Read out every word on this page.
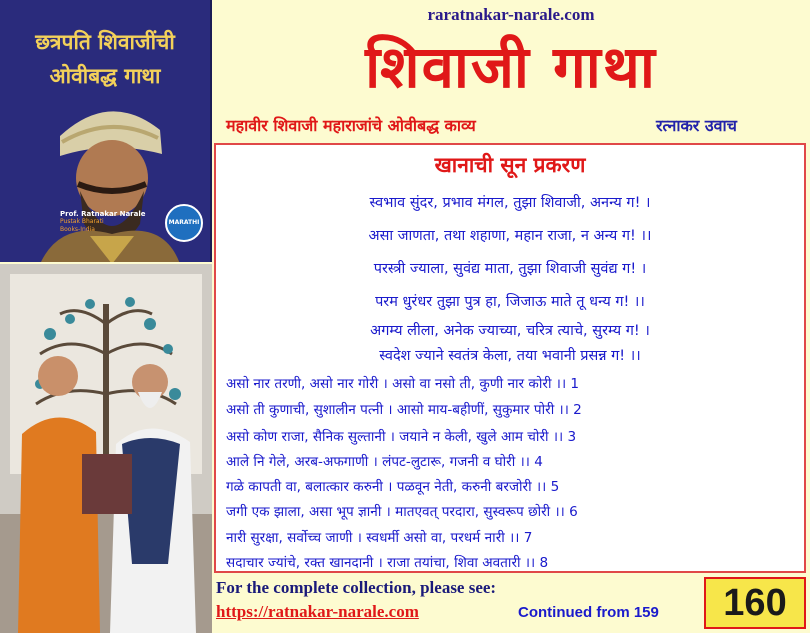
छत्रपति शिवाजींची
ओवीबद्ध गाथा
Prof. Ratnakar Narale
Pustak Bharati
Books-India
MARATHI
raratnakar-narale.com
शिवाजी गाथा
महावीर शिवाजी महाराजांचे ओवीबद्ध काव्य	रत्नाकर उवाच
खानाची सून प्रकरण
स्वभाव सुंदर, प्रभाव मंगल, तुझा शिवाजी, अनन्य ग! ।
असा जाणता, तथा शहाणा, महान राजा, न अन्य ग! ।।
परस्त्री ज्याला, सुवंद्य माता, तुझा शिवाजी सुवंद्य ग! ।
परम धुरंधर तुझा पुत्र हा, जिजाऊ माते तू धन्य ग! ।।
अगम्य लीला, अनेक ज्याच्या, चरित्र त्याचे, सुरम्य ग! ।
स्वदेश ज्याने स्वतंत्र केला, तया भवानी प्रसन्न ग! ।।
असो नार तरणी, असो नार गोरी । असो वा नसो ती, कुणी नार कोरी ।। 1
असो ती कुणाची, सुशालीन पत्नी । आसो माय-बहीणीं, सुकुमार पोरी ।। 2
असो कोण राजा, सैनिक सुल्तानी । जयाने न केली, खुले आम चोरी ।। 3
आले नि गेले, अरब-अफगाणी । लंपट-लुटारू, गजनी व घोरी ।। 4
गळे कापती वा, बलात्कार करुनी । पळवून नेती, करुनी बरजोरी ।। 5
जगी एक झाला, असा भूप ज्ञानी । मातएवत् परदारा, सुस्वरूप छोरी ।। 6
नारी सुरक्षा, सर्वोच्च जाणी । स्वधर्मी असो वा, परधर्म नारी ।। 7
सदाचार ज्यांचे, रक्त खानदानी । राजा तयांचा, शिवा अवतारी ।। 8
For the complete collection, please see:
https://ratnakar-narale.com	Continued from 159	160
